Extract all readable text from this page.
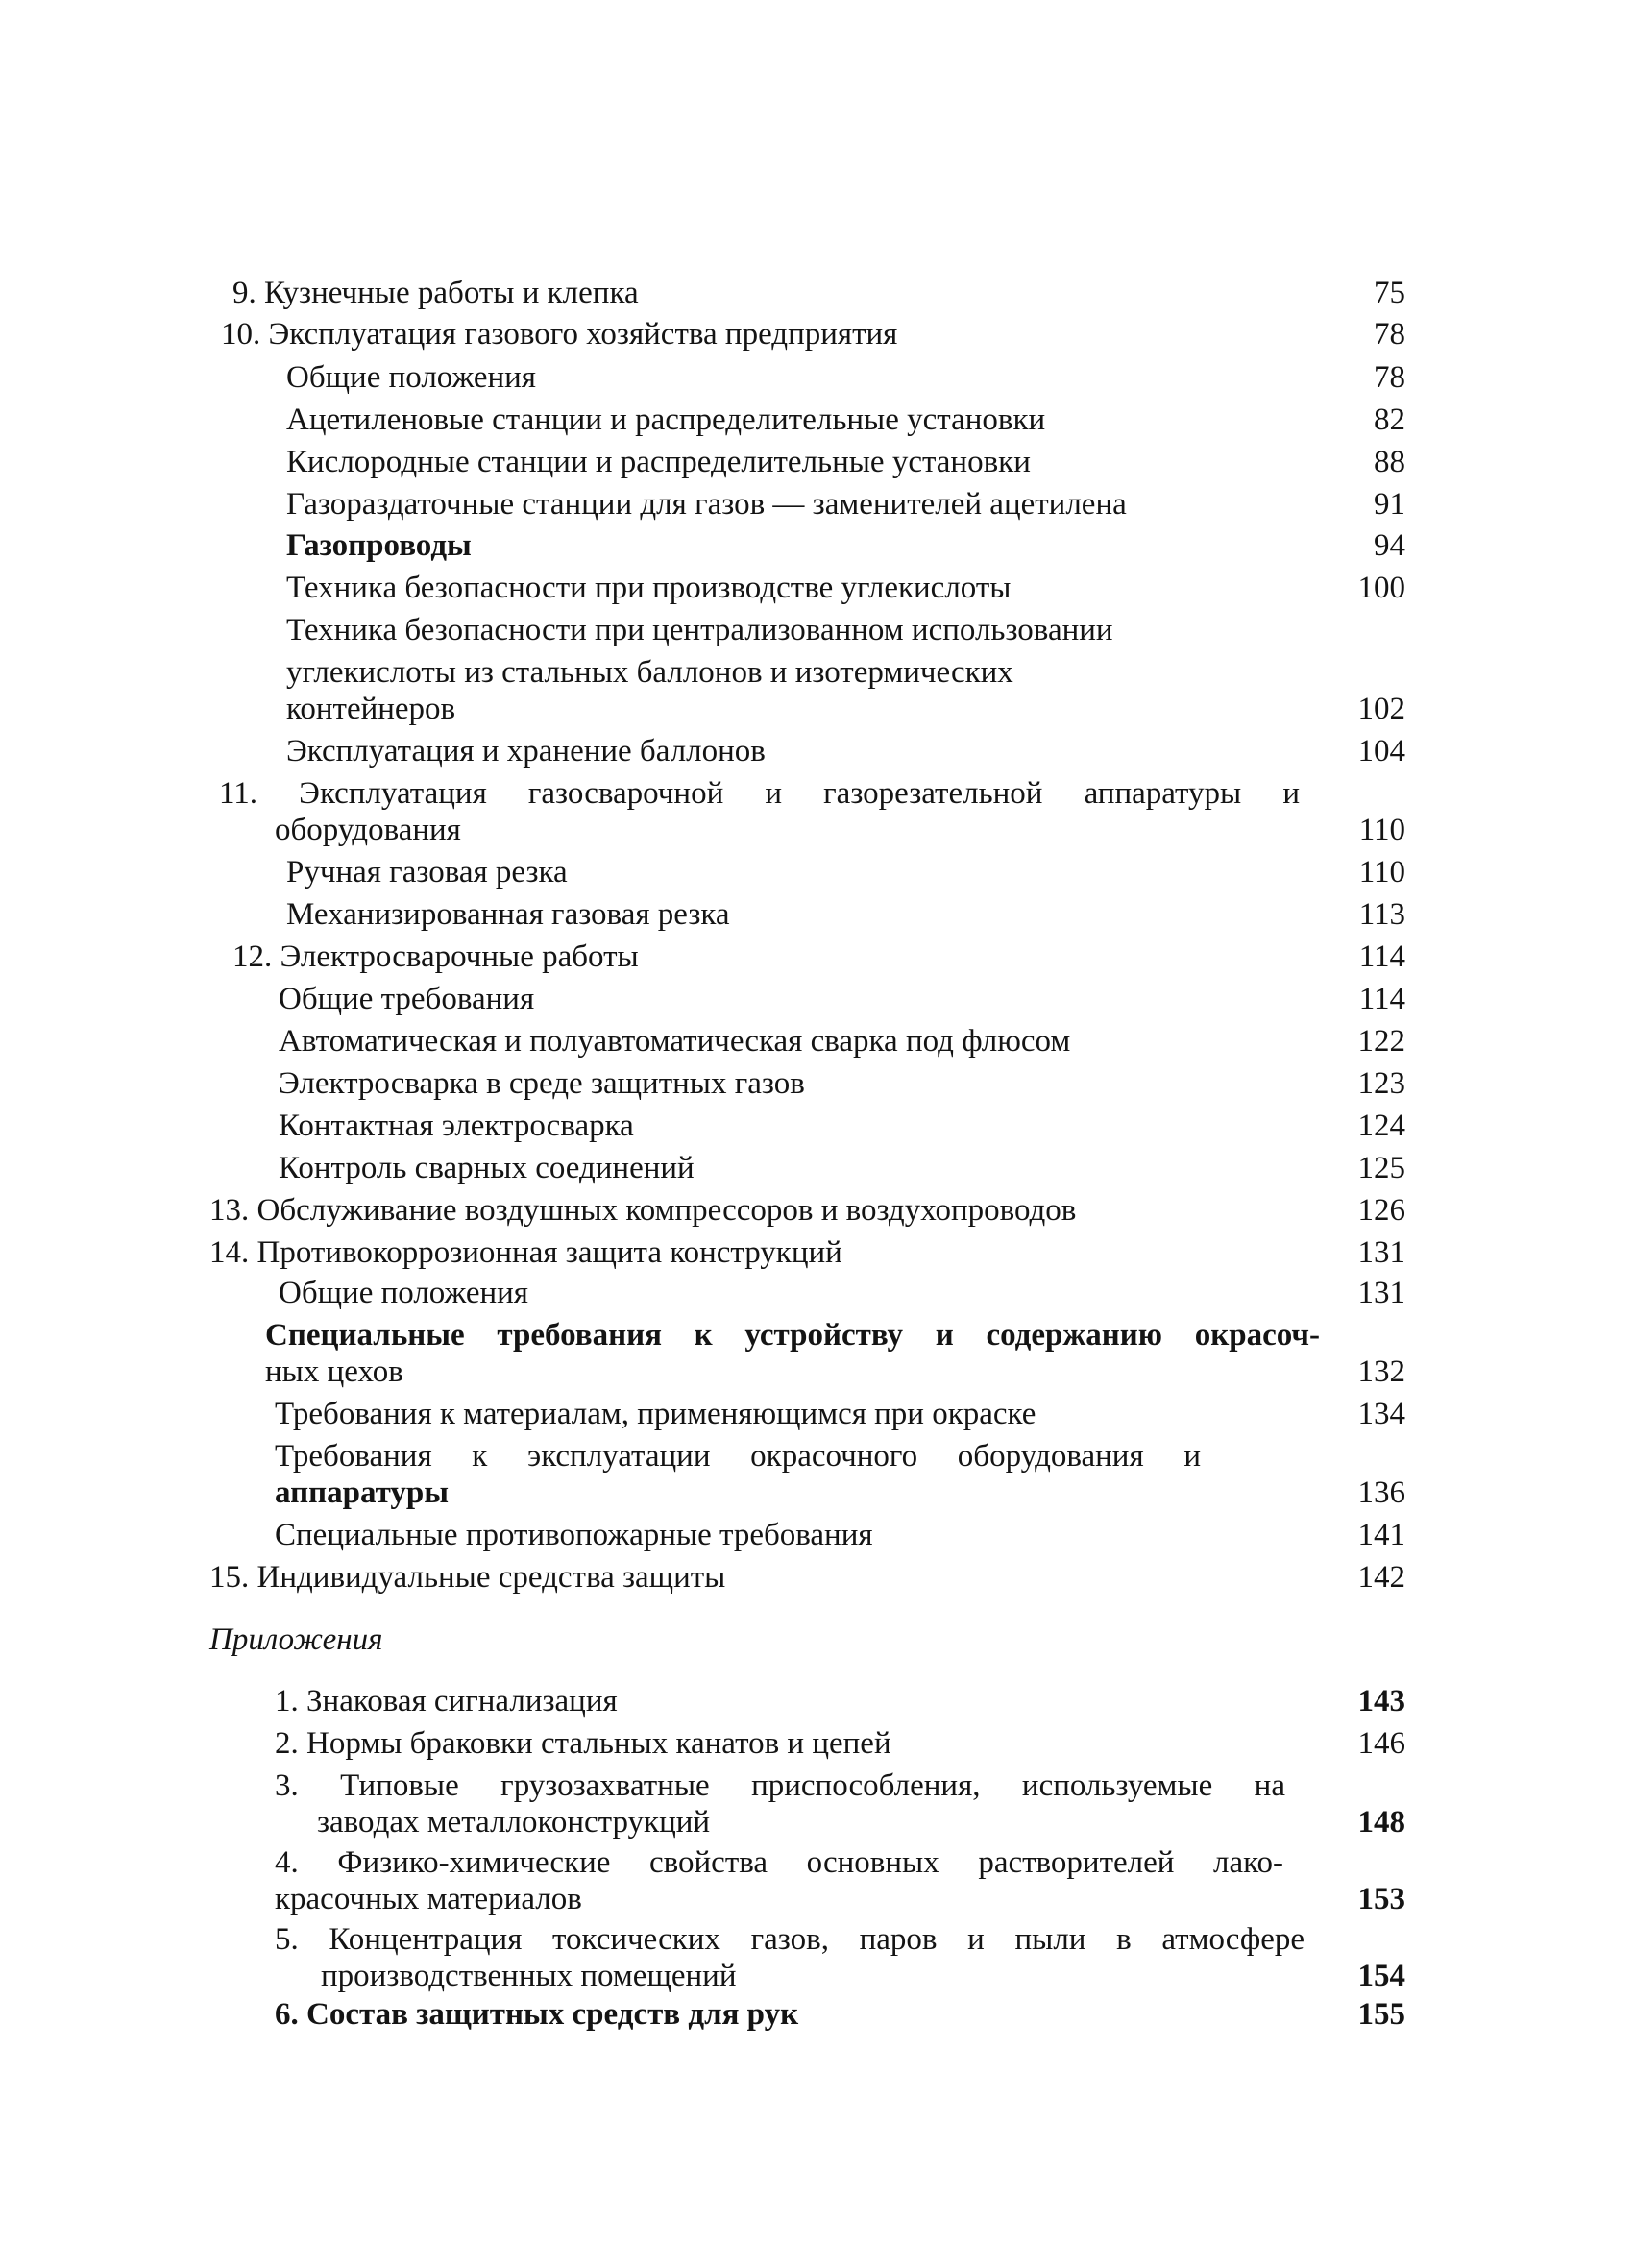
9. Кузнечные работы и клепка	75
10. Эксплуатация газового хозяйства предприятия	78
Общие положения	78
Ацетиленовые станции и распределительные установки	82
Кислородные станции и распределительные установки	88
Газораздаточные станции для газов — заменителей ацетилена	91
Газопроводы	94
Техника безопасности при производстве углекислоты	100
Техника безопасности при централизованном использовании
углекислоты из стальных баллонов и изотермических
контейнеров	102
Эксплуатация и хранение баллонов	104
11. Эксплуатация газосварочной и газорезательной аппаратуры и
оборудования	110
Ручная газовая резка	110
Механизированная газовая резка	113
12. Электросварочные работы	114
Общие требования	114
Автоматическая и полуавтоматическая сварка под флюсом	122
Электросварка в среде защитных газов	123
Контактная электросварка	124
Контроль сварных соединений	125
13. Обслуживание воздушных компрессоров и воздухопроводов	126
14. Противокоррозионная защита конструкций	131
Общие положения	131
Специальные требования к устройству и содержанию окрасоч-
ных цехов	132
Требования к материалам, применяющимся при окраске	134
Требования к эксплуатации окрасочного оборудования и
аппаратуры	136
Специальные противопожарные требования	141
15. Индивидуальные средства защиты	142
Приложения
1. Знаковая сигнализация	143
2. Нормы браковки стальных канатов и цепей	146
3. Типовые грузозахватные приспособления, используемые на
заводах металлоконструкций	148
4. Физико-химические свойства основных растворителей лако-
красочных материалов	153
5. Концентрация токсических газов, паров и пыли в атмосфере
производственных помещений	154
6. Состав защитных средств для рук	155
